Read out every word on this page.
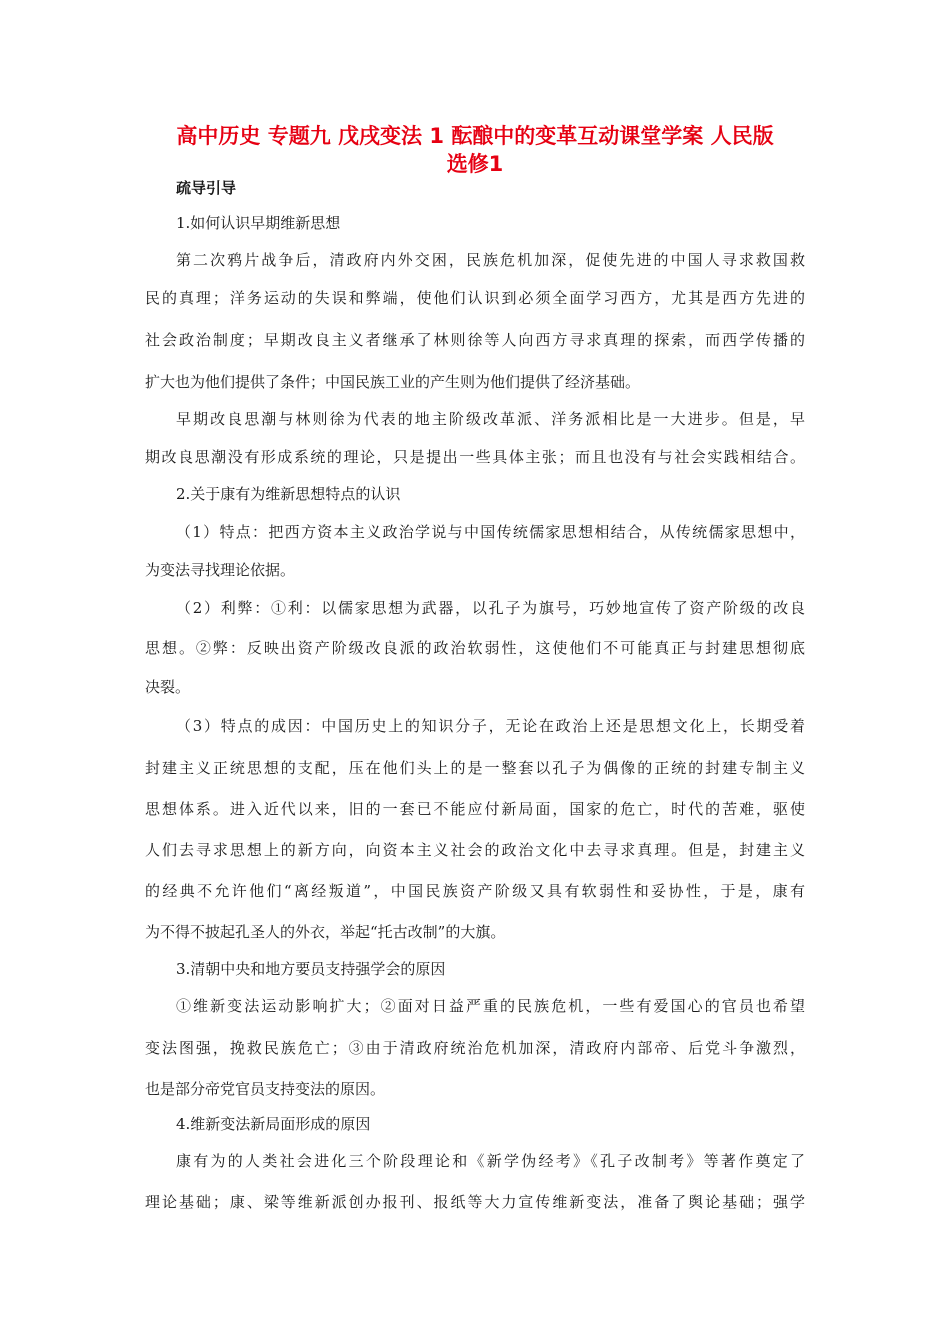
高中历史 专题九 戊戌变法 1 酝酿中的变革互动课堂学案 人民版
选修1
疏导引导
1.如何认识早期维新思想
第二次鸦片战争后，清政府内外交困，民族危机加深，促使先进的中国人寻求救国救
民的真理；洋务运动的失误和弊端，使他们认识到必须全面学习西方，尤其是西方先进的
社会政治制度；早期改良主义者继承了林则徐等人向西方寻求真理的探索，而西学传播的
扩大也为他们提供了条件；中国民族工业的产生则为他们提供了经济基础。
早期改良思潮与林则徐为代表的地主阶级改革派、洋务派相比是一大进步。但是，早
期改良思潮没有形成系统的理论，只是提出一些具体主张；而且也没有与社会实践相结合。
2.关于康有为维新思想特点的认识
（1）特点：把西方资本主义政治学说与中国传统儒家思想相结合，从传统儒家思想中，
为变法寻找理论依据。
（2）利弊：①利：以儒家思想为武器，以孔子为旗号，巧妙地宣传了资产阶级的改良
思想。②弊：反映出资产阶级改良派的政治软弱性，这使他们不可能真正与封建思想彻底
决裂。
（3）特点的成因：中国历史上的知识分子，无论在政治上还是思想文化上，长期受着
封建主义正统思想的支配，压在他们头上的是一整套以孔子为偶像的正统的封建专制主义
思想体系。进入近代以来，旧的一套已不能应付新局面，国家的危亡，时代的苦难，驱使
人们去寻求思想上的新方向，向资本主义社会的政治文化中去寻求真理。但是，封建主义
的经典不允许他们“离经叛道”，中国民族资产阶级又具有软弱性和妥协性，于是，康有
为不得不披起孔圣人的外衣，举起“托古改制”的大旗。
3.清朝中央和地方要员支持强学会的原因
①维新变法运动影响扩大；②面对日益严重的民族危机，一些有爱国心的官员也希望
变法图强，挽救民族危亡；③由于清政府统治危机加深，清政府内部帝、后党斗争激烈，
也是部分帝党官员支持变法的原因。
4.维新变法新局面形成的原因
康有为的人类社会进化三个阶段理论和《新学伪经考》《孔子改制考》等著作奠定了
理论基础；康、梁等维新派创办报刊、报纸等大力宣传维新变法，准备了舆论基础；强学
